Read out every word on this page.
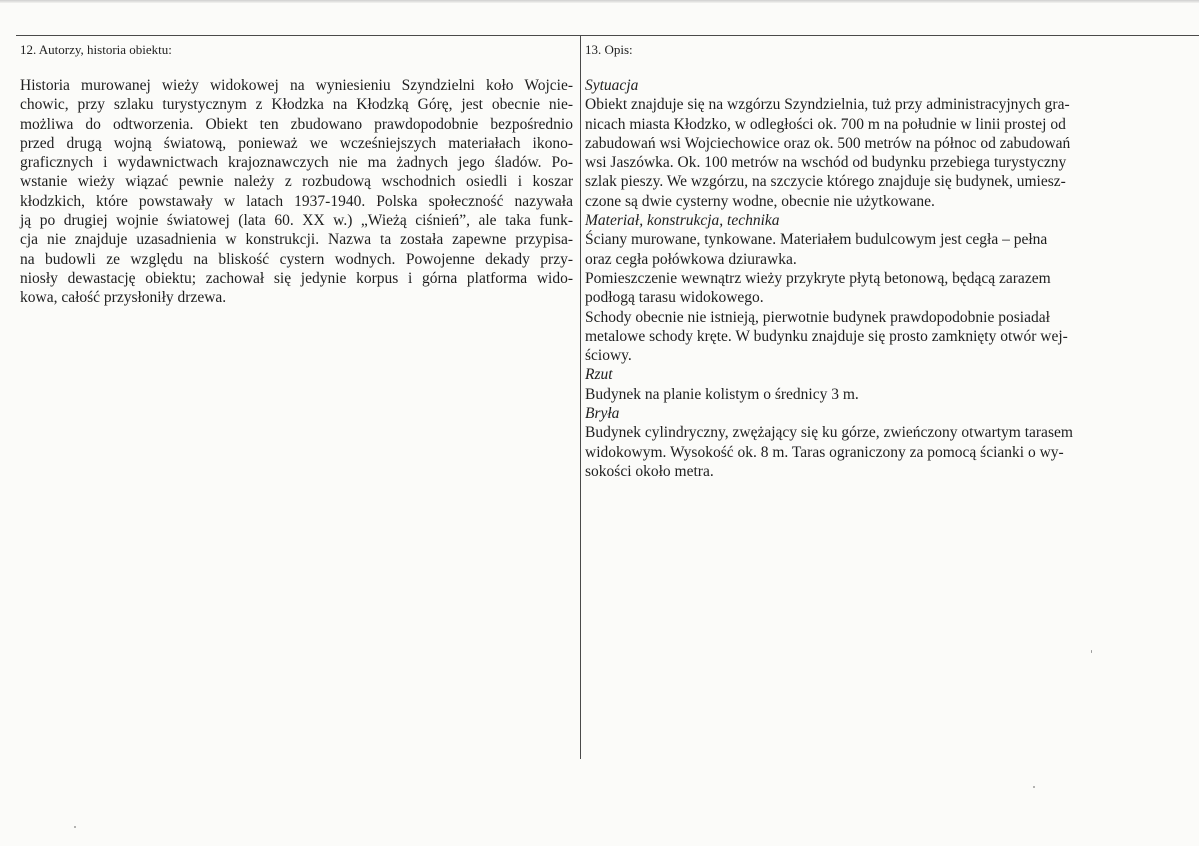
12. Autorzy, historia obiektu:

Historia murowanej wieży widokowej na wyniesieniu Szyndzielni koło Wojcie-

chowic, przy szlaku turystycznym z Kłodzka na Kłodzką Górę, jest obecnie nie-

możliwa do odtworzenia. Obiekt ten zbudowano prawdopodobnie bezpośrednio

przed drugą wojną światową, ponieważ we wcześniejszych materiałach ikono-

graficznych i wydawnictwach krajoznawczych nie ma żadnych jego śladów. Po-

wstanie wieży wiązać pewnie należy z rozbudową wschodnich osiedli i koszar

kłodzkich, które powstawały w latach 1937-1940. Polska społeczność nazywała

ją po drugiej wojnie światowej (lata 60. XX w.) „Wieżą ciśnień”, ale taka funk-

cja nie znajduje uzasadnienia w konstrukcji. Nazwa ta została zapewne przypisa-

na budowli ze względu na bliskość cystern wodnych. Powojenne dekady przy-

niosły dewastację obiektu; zachował się jedynie korpus i górna platforma wido-

kowa, całość przysłoniły drzewa.

13. Opis:

Sytuacja

Obiekt znajduje się na wzgórzu Szyndzielnia, tuż przy administracyjnych gra-

nicach miasta Kłodzko, w odległości ok. 700 m na południe w linii prostej od

zabudowań wsi Wojciechowice oraz ok. 500 metrów na północ od zabudowań

wsi Jaszówka. Ok. 100 metrów na wschód od budynku przebiega turystyczny

szlak pieszy. We wzgórzu, na szczycie którego znajduje się budynek, umiesz-

czone są dwie cysterny wodne, obecnie nie użytkowane.

Materiał, konstrukcja, technika

Ściany murowane, tynkowane. Materiałem budulcowym jest cegła – pełna

oraz cegła połówkowa dziurawka.

Pomieszczenie wewnątrz wieży przykryte płytą betonową, będącą zarazem

podłogą tarasu widokowego.

Schody obecnie nie istnieją, pierwotnie budynek prawdopodobnie posiadał

metalowe schody kręte. W budynku znajduje się prosto zamknięty otwór wej-

ściowy.

Rzut

Budynek na planie kolistym o średnicy 3 m.

Bryła

Budynek cylindryczny, zwężający się ku górze, zwieńczony otwartym tarasem

widokowym. Wysokość ok. 8 m. Taras ograniczony za pomocą ścianki o wy-

sokości około metra.
